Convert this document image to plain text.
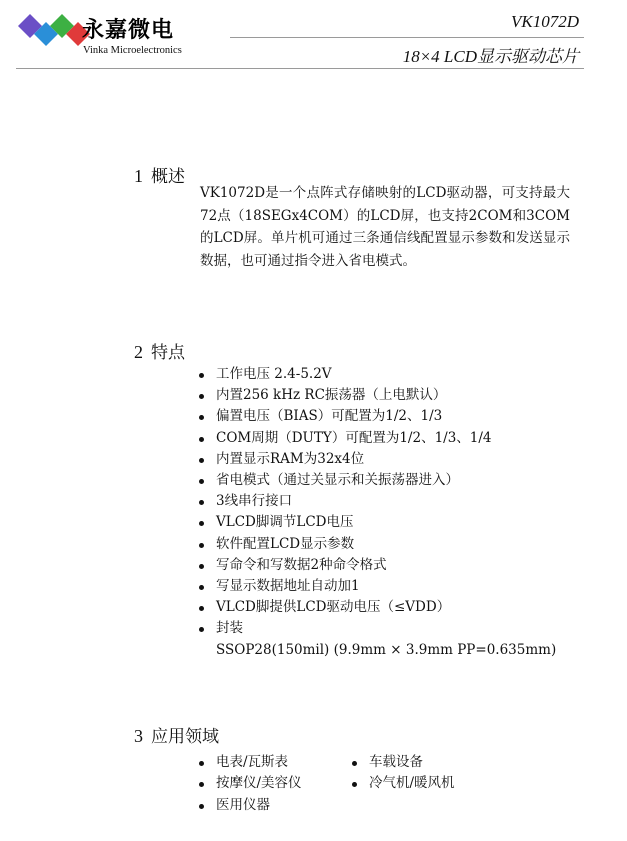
永嘉微电
Vinka Microelectronics
VK1072D
18×4 LCD显示驱动芯片
1 概述
VK1072D是一个点阵式存储映射的LCD驱动器，可支持最大72点（18SEGx4COM）的LCD屏，也支持2COM和3COM的LCD屏。单片机可通过三条通信线配置显示参数和发送显示数据，也可通过指令进入省电模式。
2 特点
工作电压 2.4-5.2V
内置256 kHz RC振荡器（上电默认）
偏置电压（BIAS）可配置为1/2、1/3
COM周期（DUTY）可配置为1/2、1/3、1/4
内置显示RAM为32x4位
省电模式（通过关显示和关振荡器进入）
3线串行接口
VLCD脚调节LCD电压
软件配置LCD显示参数
写命令和写数据2种命令格式
写显示数据地址自动加1
VLCD脚提供LCD驱动电压（≤VDD）
封装
SSOP28(150mil) (9.9mm × 3.9mm PP=0.635mm)
3 应用领域
电表/瓦斯表
按摩仪/美容仪
医用仪器
车载设备
冷气机/暖风机
